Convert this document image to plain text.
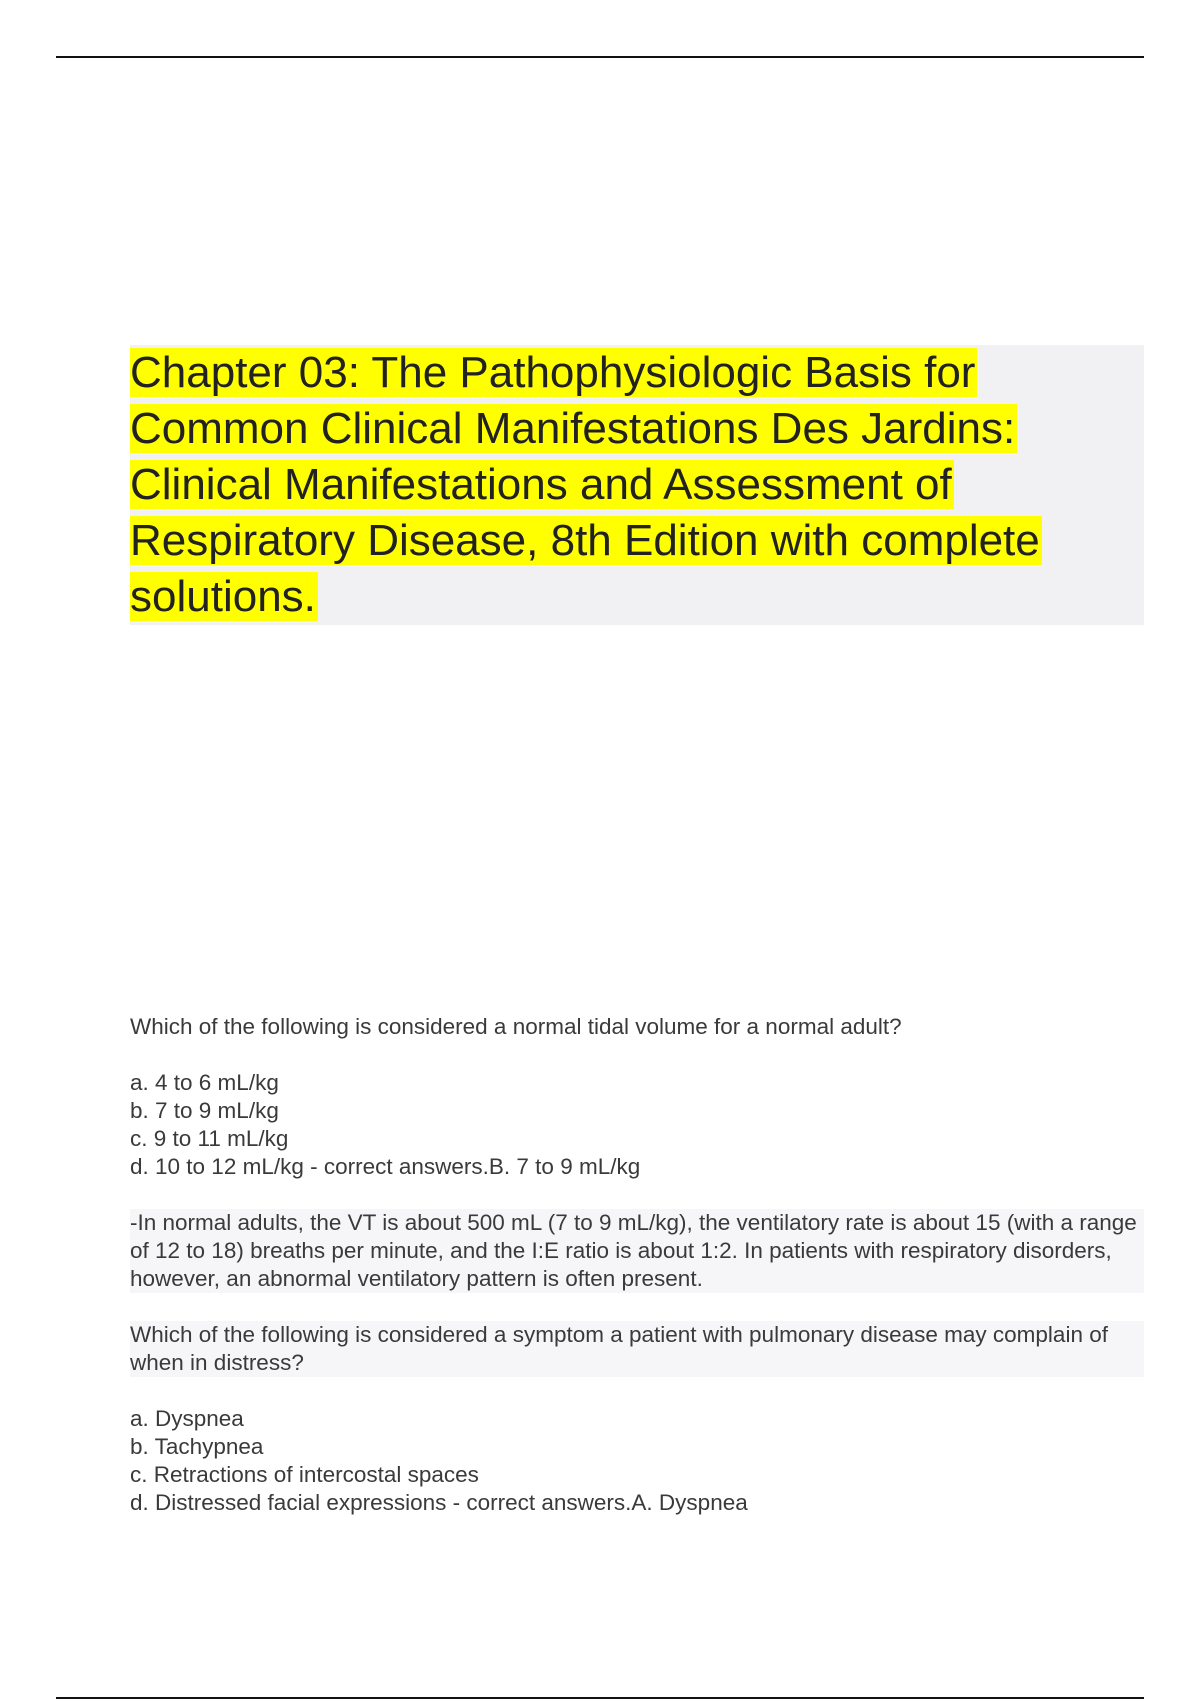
Chapter 03: The Pathophysiologic Basis for Common Clinical Manifestations Des Jardins: Clinical Manifestations and Assessment of Respiratory Disease, 8th Edition with complete solutions.

Which of the following is considered a normal tidal volume for a normal adult?

a. 4 to 6 mL/kg
b. 7 to 9 mL/kg
c. 9 to 11 mL/kg
d. 10 to 12 mL/kg - correct answers.B. 7 to 9 mL/kg

-In normal adults, the VT is about 500 mL (7 to 9 mL/kg), the ventilatory rate is about 15 (with a range of 12 to 18) breaths per minute, and the I:E ratio is about 1:2. In patients with respiratory disorders, however, an abnormal ventilatory pattern is often present.

Which of the following is considered a symptom a patient with pulmonary disease may complain of when in distress?

a. Dyspnea
b. Tachypnea
c. Retractions of intercostal spaces
d. Distressed facial expressions - correct answers.A. Dyspnea
